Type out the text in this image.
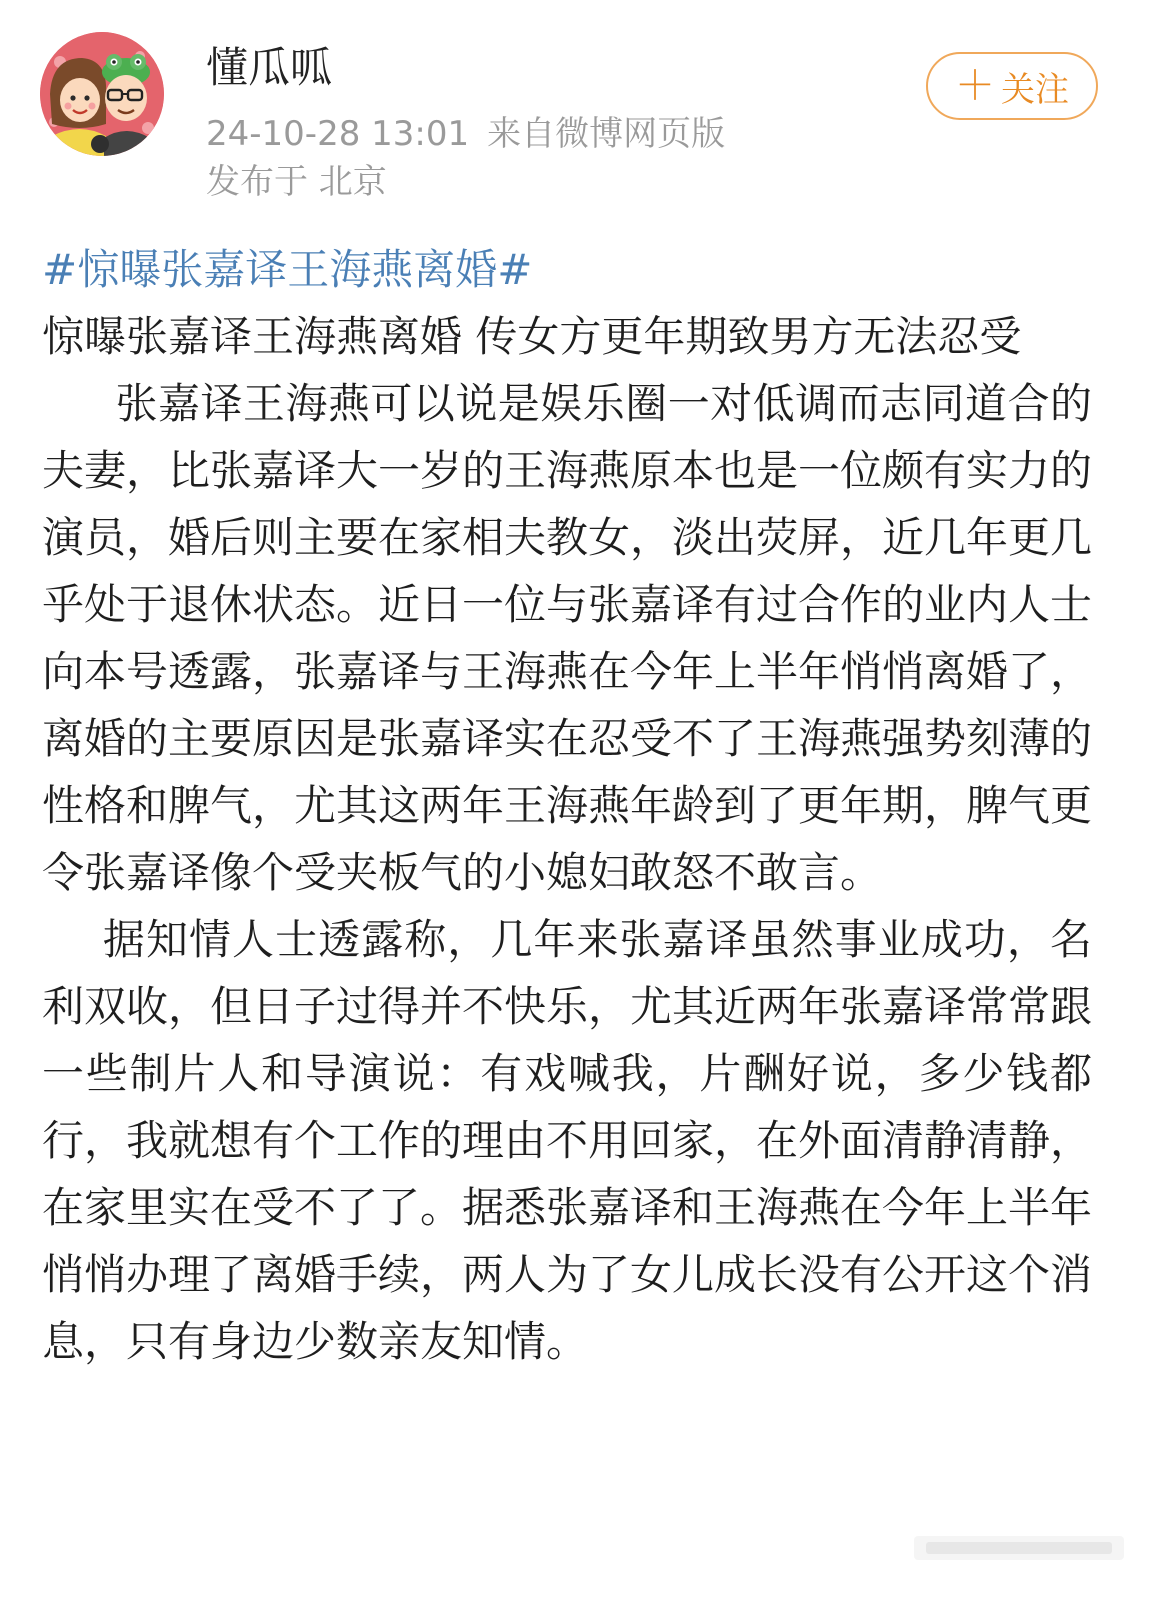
懂瓜呱
24-10-28 13:01 来自微博网页版
发布于 北京
＋ 关注
#惊曝张嘉译王海燕离婚#

惊曝张嘉译王海燕离婚 传女方更年期致男方无法忍受

张嘉译王海燕可以说是娱乐圈一对低调而志同道合的夫妻，比张嘉译大一岁的王海燕原本也是一位颇有实力的演员，婚后则主要在家相夫教女，淡出荧屏，近几年更几乎处于退休状态。近日一位与张嘉译有过合作的业内人士向本号透露，张嘉译与王海燕在今年上半年悄悄离婚了，离婚的主要原因是张嘉译实在忍受不了王海燕强势刻薄的性格和脾气，尤其这两年王海燕年龄到了更年期，脾气更令张嘉译像个受夹板气的小媳妇敢怒不敢言。

据知情人士透露称，几年来张嘉译虽然事业成功，名利双收，但日子过得并不快乐，尤其近两年张嘉译常常跟一些制片人和导演说：有戏喊我，片酬好说，多少钱都行，我就想有个工作的理由不用回家，在外面清静清静，在家里实在受不了了。据悉张嘉译和王海燕在今年上半年悄悄办理了离婚手续，两人为了女儿成长没有公开这个消息，只有身边少数亲友知情。
